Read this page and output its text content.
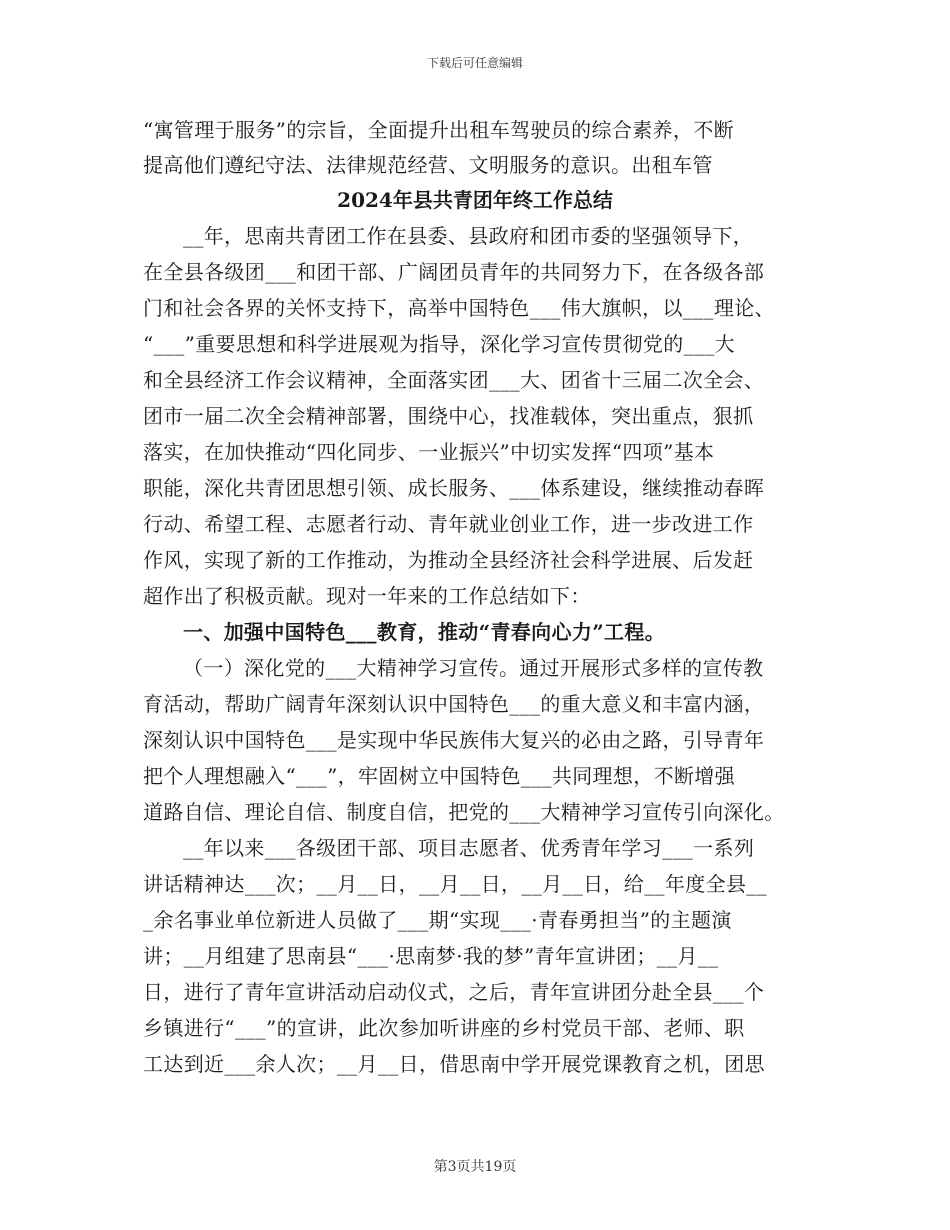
下载后可任意编辑
“寓管理于服务”的宗旨，全面提升出租车驾驶员的综合素养，不断
提高他们遵纪守法、法律规范经营、文明服务的意识。出租车管
2024年县共青团年终工作总结
__年，思南共青团工作在县委、县政府和团市委的坚强领导下，
在全县各级团___和团干部、广阔团员青年的共同努力下，在各级各部
门和社会各界的关怀支持下，高举中国特色___伟大旗帜，以___理论、
“___”重要思想和科学进展观为指导，深化学习宣传贯彻党的___大
和全县经济工作会议精神，全面落实团___大、团省十三届二次全会、
团市一届二次全会精神部署，围绕中心，找准载体，突出重点，狠抓
落实，在加快推动“四化同步、一业振兴”中切实发挥“四项”基本
职能，深化共青团思想引领、成长服务、___体系建设，继续推动春晖
行动、希望工程、志愿者行动、青年就业创业工作，进一步改进工作
作风，实现了新的工作推动，为推动全县经济社会科学进展、后发赶
超作出了积极贡献。现对一年来的工作总结如下：
一、加强中国特色___教育，推动“青春向心力”工程。
（一）深化党的___大精神学习宣传。通过开展形式多样的宣传教
育活动，帮助广阔青年深刻认识中国特色___的重大意义和丰富内涵，
深刻认识中国特色___是实现中华民族伟大复兴的必由之路，引导青年
把个人理想融入“___”，牢固树立中国特色___共同理想，不断增强
道路自信、理论自信、制度自信，把党的___大精神学习宣传引向深化。
__年以来___各级团干部、项目志愿者、优秀青年学习___一系列
讲话精神达___次；__月__日，__月__日，__月__日，给__年度全县__
_余名事业单位新进人员做了___期“实现___·青春勇担当”的主题演
讲；__月组建了思南县“___·思南梦·我的梦”青年宣讲团；__月__
日，进行了青年宣讲活动启动仪式，之后，青年宣讲团分赴全县___个
乡镇进行“___”的宣讲，此次参加听讲座的乡村党员干部、老师、职
工达到近___余人次；__月__日，借思南中学开展党课教育之机，团思
第3页共19页
